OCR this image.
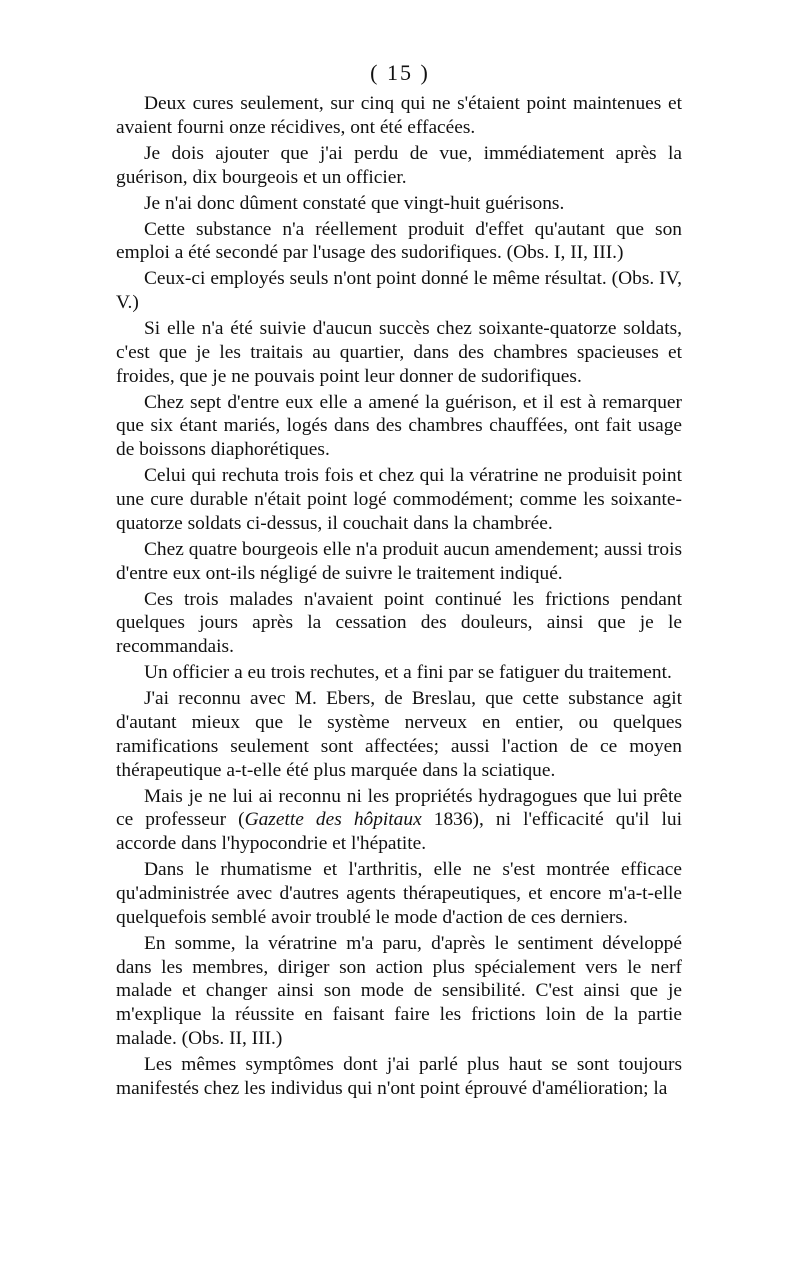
( 15 )

Deux cures seulement, sur cinq qui ne s'étaient point maintenues et avaient fourni onze récidives, ont été effacées.

Je dois ajouter que j'ai perdu de vue, immédiatement après la guérison, dix bourgeois et un officier.

Je n'ai donc dûment constaté que vingt-huit guérisons.

Cette substance n'a réellement produit d'effet qu'autant que son emploi a été secondé par l'usage des sudorifiques. (Obs. I, II, III.)

Ceux-ci employés seuls n'ont point donné le même résultat. (Obs. IV, V.)

Si elle n'a été suivie d'aucun succès chez soixante-quatorze soldats, c'est que je les traitais au quartier, dans des chambres spacieuses et froides, que je ne pouvais point leur donner de sudorifiques.

Chez sept d'entre eux elle a amené la guérison, et il est à remarquer que six étant mariés, logés dans des chambres chauffées, ont fait usage de boissons diaphorétiques.

Celui qui rechuta trois fois et chez qui la vératrine ne produisit point une cure durable n'était point logé commodément; comme les soixante-quatorze soldats ci-dessus, il couchait dans la chambrée.

Chez quatre bourgeois elle n'a produit aucun amendement; aussi trois d'entre eux ont-ils négligé de suivre le traitement indiqué.

Ces trois malades n'avaient point continué les frictions pendant quelques jours après la cessation des douleurs, ainsi que je le recommandais.

Un officier a eu trois rechutes, et a fini par se fatiguer du traitement.

J'ai reconnu avec M. Ebers, de Breslau, que cette substance agit d'autant mieux que le système nerveux en entier, ou quelques ramifications seulement sont affectées; aussi l'action de ce moyen thérapeutique a-t-elle été plus marquée dans la sciatique.

Mais je ne lui ai reconnu ni les propriétés hydragogues que lui prête ce professeur (Gazette des hôpitaux 1836), ni l'efficacité qu'il lui accorde dans l'hypocondrie et l'hépatite.

Dans le rhumatisme et l'arthritis, elle ne s'est montrée efficace qu'administrée avec d'autres agents thérapeutiques, et encore m'a-t-elle quelquefois semblé avoir troublé le mode d'action de ces derniers.

En somme, la vératrine m'a paru, d'après le sentiment développé dans les membres, diriger son action plus spécialement vers le nerf malade et changer ainsi son mode de sensibilité. C'est ainsi que je m'explique la réussite en faisant faire les frictions loin de la partie malade. (Obs. II, III.)

Les mêmes symptômes dont j'ai parlé plus haut se sont toujours manifestés chez les individus qui n'ont point éprouvé d'amélioration; la
